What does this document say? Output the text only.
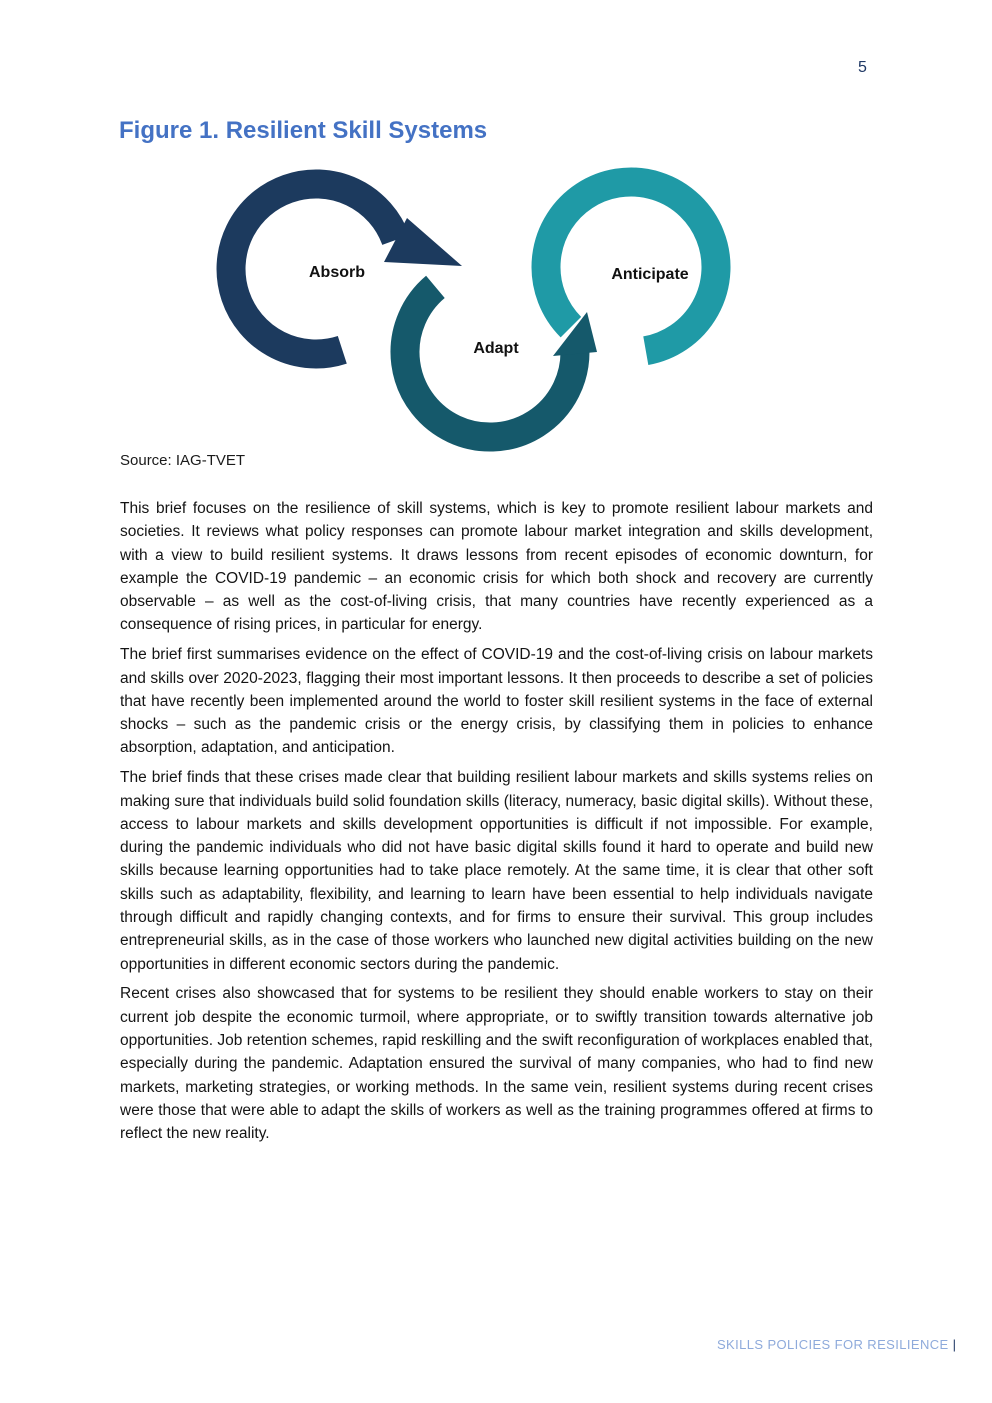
5
Figure 1. Resilient Skill Systems
Absorb
Adapt
Anticipate
Source: IAG-TVET

This brief focuses on the resilience of skill systems, which is key to promote resilient labour markets and societies. It reviews what policy responses can promote labour market integration and skills development, with a view to build resilient systems. It draws lessons from recent episodes of economic downturn, for example the COVID-19 pandemic – an economic crisis for which both shock and recovery are currently observable – as well as the cost-of-living crisis, that many countries have recently experienced as a consequence of rising prices, in particular for energy.

The brief first summarises evidence on the effect of COVID-19 and the cost-of-living crisis on labour markets and skills over 2020-2023, flagging their most important lessons. It then proceeds to describe a set of policies that have recently been implemented around the world to foster skill resilient systems in the face of external shocks – such as the pandemic crisis or the energy crisis, by classifying them in policies to enhance absorption, adaptation, and anticipation.

The brief finds that these crises made clear that building resilient labour markets and skills systems relies on making sure that individuals build solid foundation skills (literacy, numeracy, basic digital skills). Without these, access to labour markets and skills development opportunities is difficult if not impossible. For example, during the pandemic individuals who did not have basic digital skills found it hard to operate and build new skills because learning opportunities had to take place remotely. At the same time, it is clear that other soft skills such as adaptability, flexibility, and learning to learn have been essential to help individuals navigate through difficult and rapidly changing contexts, and for firms to ensure their survival. This group includes entrepreneurial skills, as in the case of those workers who launched new digital activities building on the new opportunities in different economic sectors during the pandemic.

Recent crises also showcased that for systems to be resilient they should enable workers to stay on their current job despite the economic turmoil, where appropriate, or to swiftly transition towards alternative job opportunities. Job retention schemes, rapid reskilling and the swift reconfiguration of workplaces enabled that, especially during the pandemic. Adaptation ensured the survival of many companies, who had to find new markets, marketing strategies, or working methods. In the same vein, resilient systems during recent crises were those that were able to adapt the skills of workers as well as the training programmes offered at firms to reflect the new reality.

SKILLS POLICIES FOR RESILIENCE |
